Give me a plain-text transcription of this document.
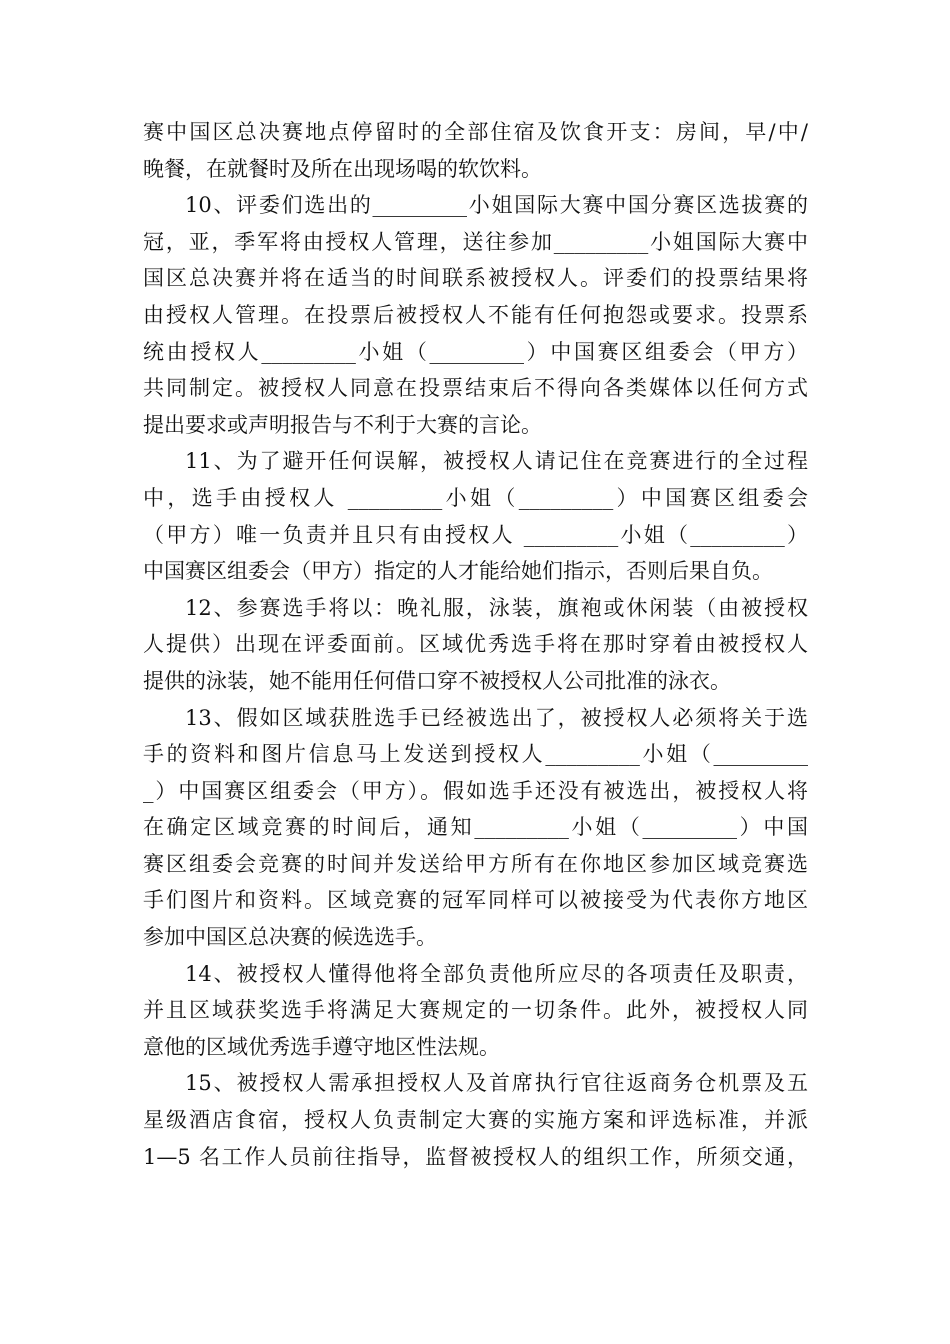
赛中国区总决赛地点停留时的全部住宿及饮食开支：房间，早/中/
晚餐，在就餐时及所在出现场喝的软饮料。
10、评委们选出的_________小姐国际大赛中国分赛区选拔赛的
冠，亚，季军将由授权人管理，送往参加_________小姐国际大赛中
国区总决赛并将在适当的时间联系被授权人。评委们的投票结果将
由授权人管理。在投票后被授权人不能有任何抱怨或要求。投票系
统由授权人_________小姐（_________）中国赛区组委会（甲方）
共同制定。被授权人同意在投票结束后不得向各类媒体以任何方式
提出要求或声明报告与不利于大赛的言论。
11、为了避开任何误解，被授权人请记住在竞赛进行的全过程
中，选手由授权人 _________小姐（_________）中国赛区组委会
（甲方）唯一负责并且只有由授权人 _________小姐（_________）
中国赛区组委会（甲方）指定的人才能给她们指示，否则后果自负。
12、参赛选手将以：晚礼服，泳装，旗袍或休闲装（由被授权
人提供）出现在评委面前。区域优秀选手将在那时穿着由被授权人
提供的泳装，她不能用任何借口穿不被授权人公司批准的泳衣。
13、假如区域获胜选手已经被选出了，被授权人必须将关于选
手的资料和图片信息马上发送到授权人_________小姐（_________
_）中国赛区组委会（甲方）。假如选手还没有被选出，被授权人将
在确定区域竞赛的时间后，通知_________小姐（_________）中国
赛区组委会竞赛的时间并发送给甲方所有在你地区参加区域竞赛选
手们图片和资料。区域竞赛的冠军同样可以被接受为代表你方地区
参加中国区总决赛的候选选手。
14、被授权人懂得他将全部负责他所应尽的各项责任及职责，
并且区域获奖选手将满足大赛规定的一切条件。此外，被授权人同
意他的区域优秀选手遵守地区性法规。
15、被授权人需承担授权人及首席执行官往返商务仓机票及五
星级酒店食宿，授权人负责制定大赛的实施方案和评选标准，并派
1—5 名工作人员前往指导，监督被授权人的组织工作，所须交通，
